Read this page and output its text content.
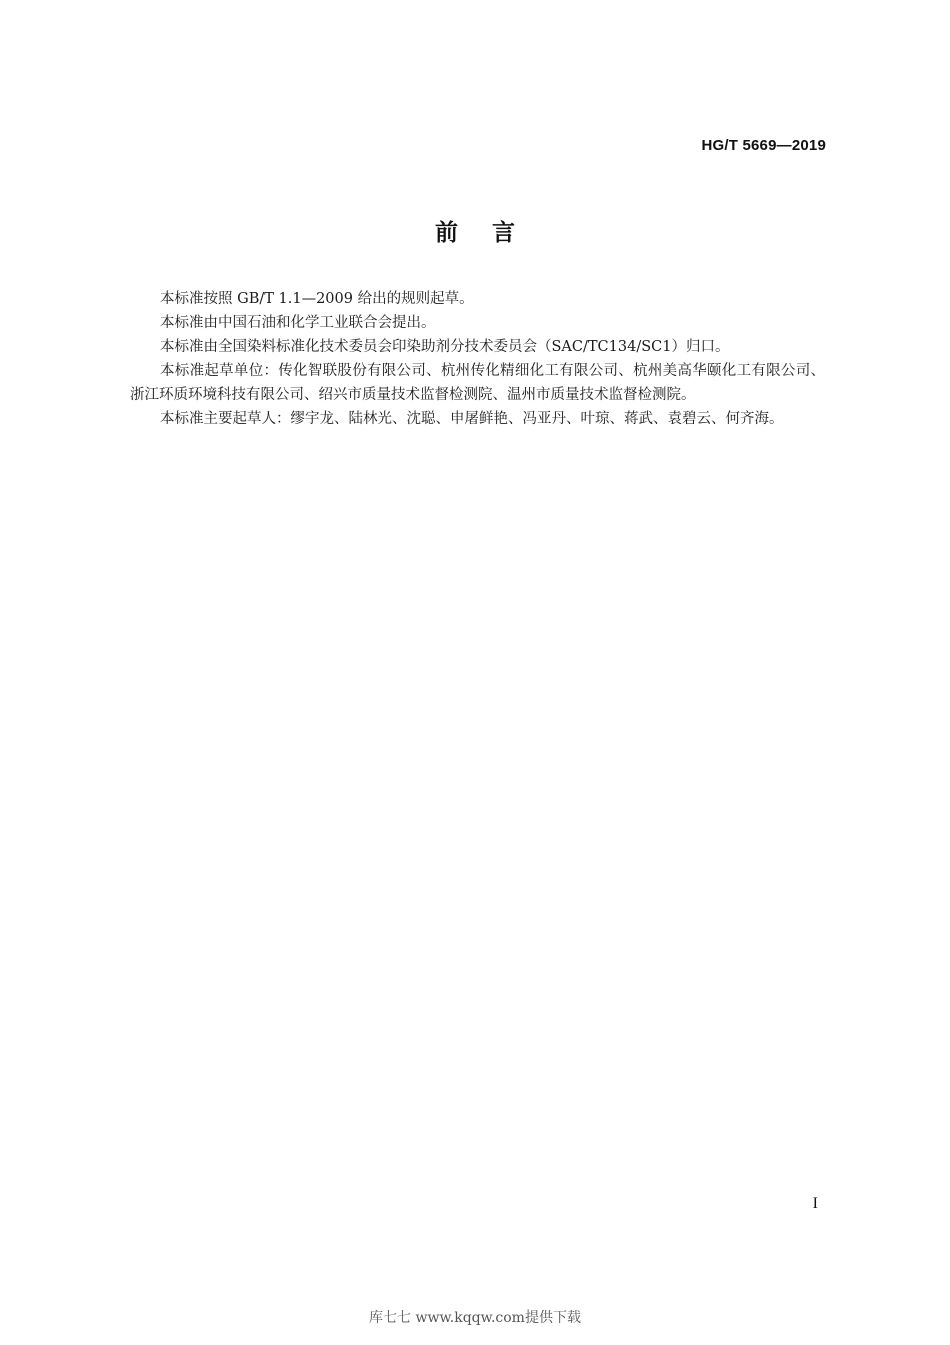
HG/T 5669—2019
前言

本标准按照 GB/T 1.1—2009 给出的规则起草。

本标准由中国石油和化学工业联合会提出。

本标准由全国染料标准化技术委员会印染助剂分技术委员会（SAC/TC134/SC1）归口。

本标准起草单位：传化智联股份有限公司、杭州传化精细化工有限公司、杭州美高华颐化工有限公司、浙江环质环境科技有限公司、绍兴市质量技术监督检测院、温州市质量技术监督检测院。

本标准主要起草人：缪宇龙、陆林光、沈聪、申屠鲜艳、冯亚丹、叶琼、蒋武、袁碧云、何齐海。

I
库七七 www.kqqw.com提供下载
